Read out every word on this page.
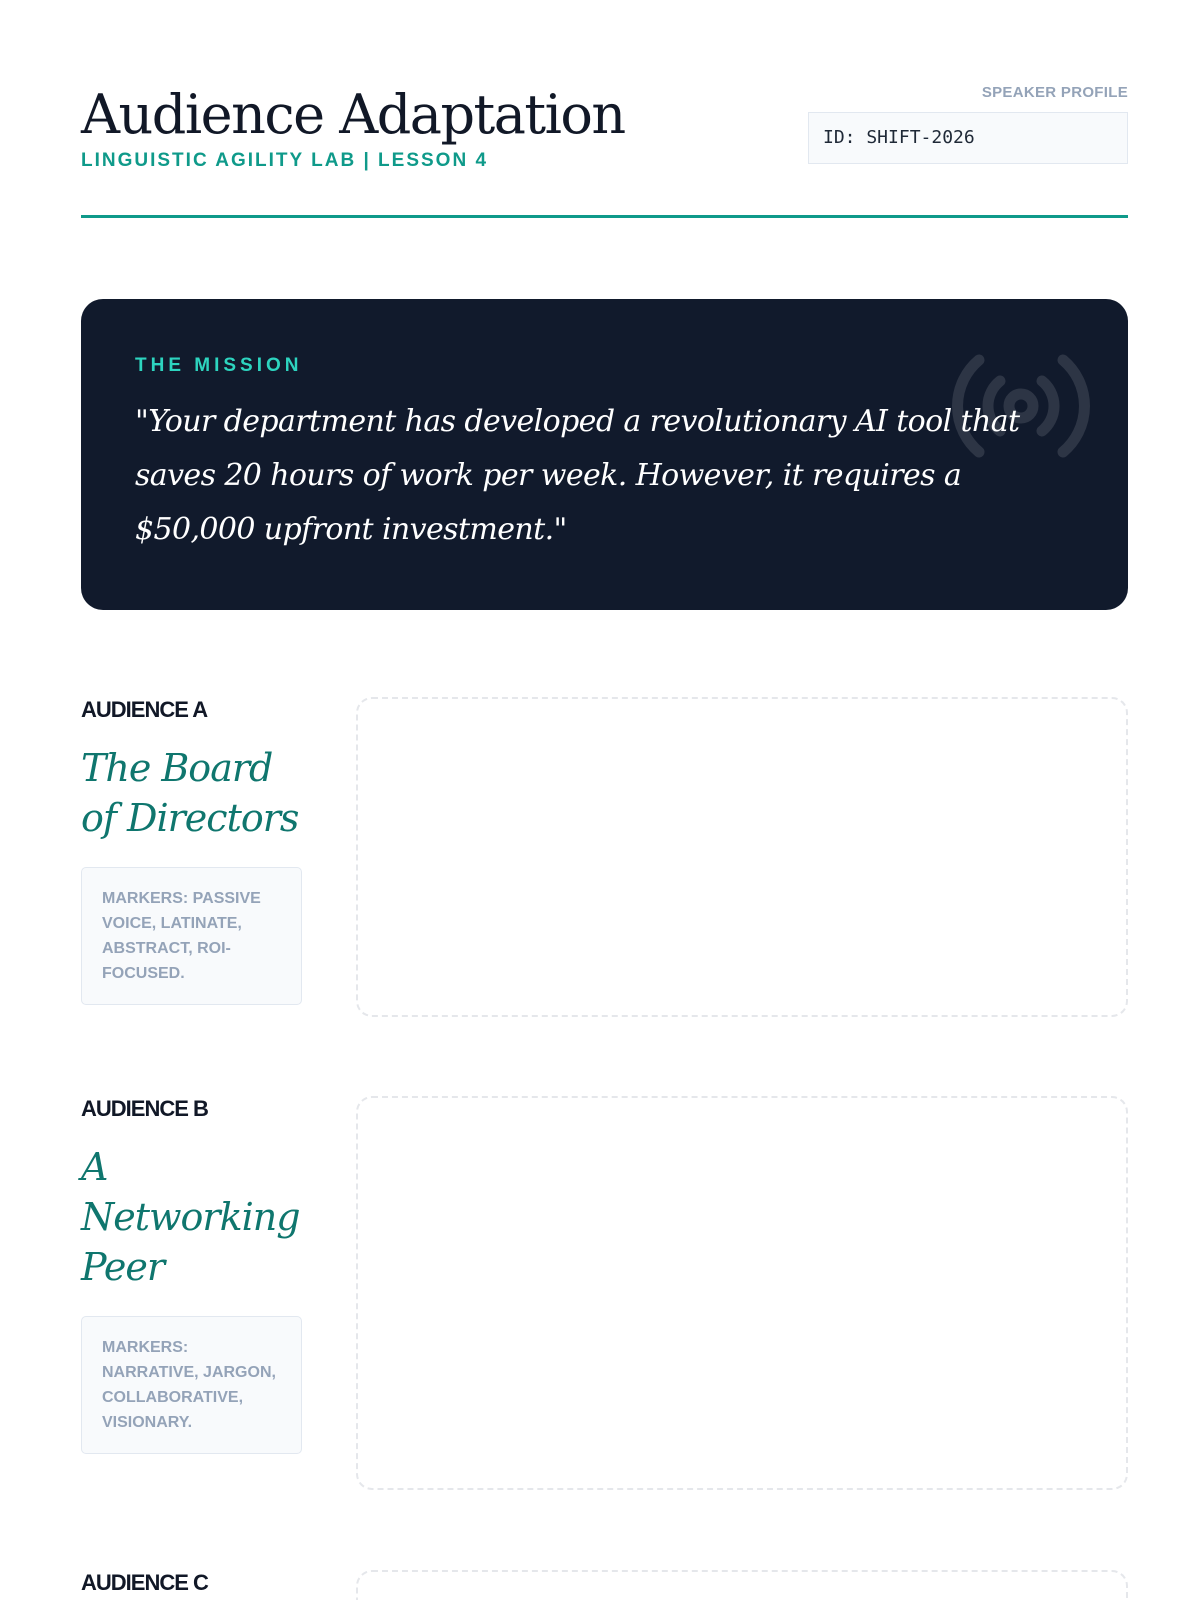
Audience Adaptation
LINGUISTIC AGILITY LAB | LESSON 4
SPEAKER PROFILE
ID: SHIFT-2026
THE MISSION

"Your department has developed a revolutionary AI tool that saves 20 hours of work per week. However, it requires a $50,000 upfront investment."

AUDIENCE A
The Board of Directors
MARKERS: PASSIVE VOICE, LATINATE, ABSTRACT, ROI-FOCUSED.
AUDIENCE B
A Networking Peer
MARKERS: NARRATIVE, JARGON, COLLABORATIVE, VISIONARY.
AUDIENCE C
